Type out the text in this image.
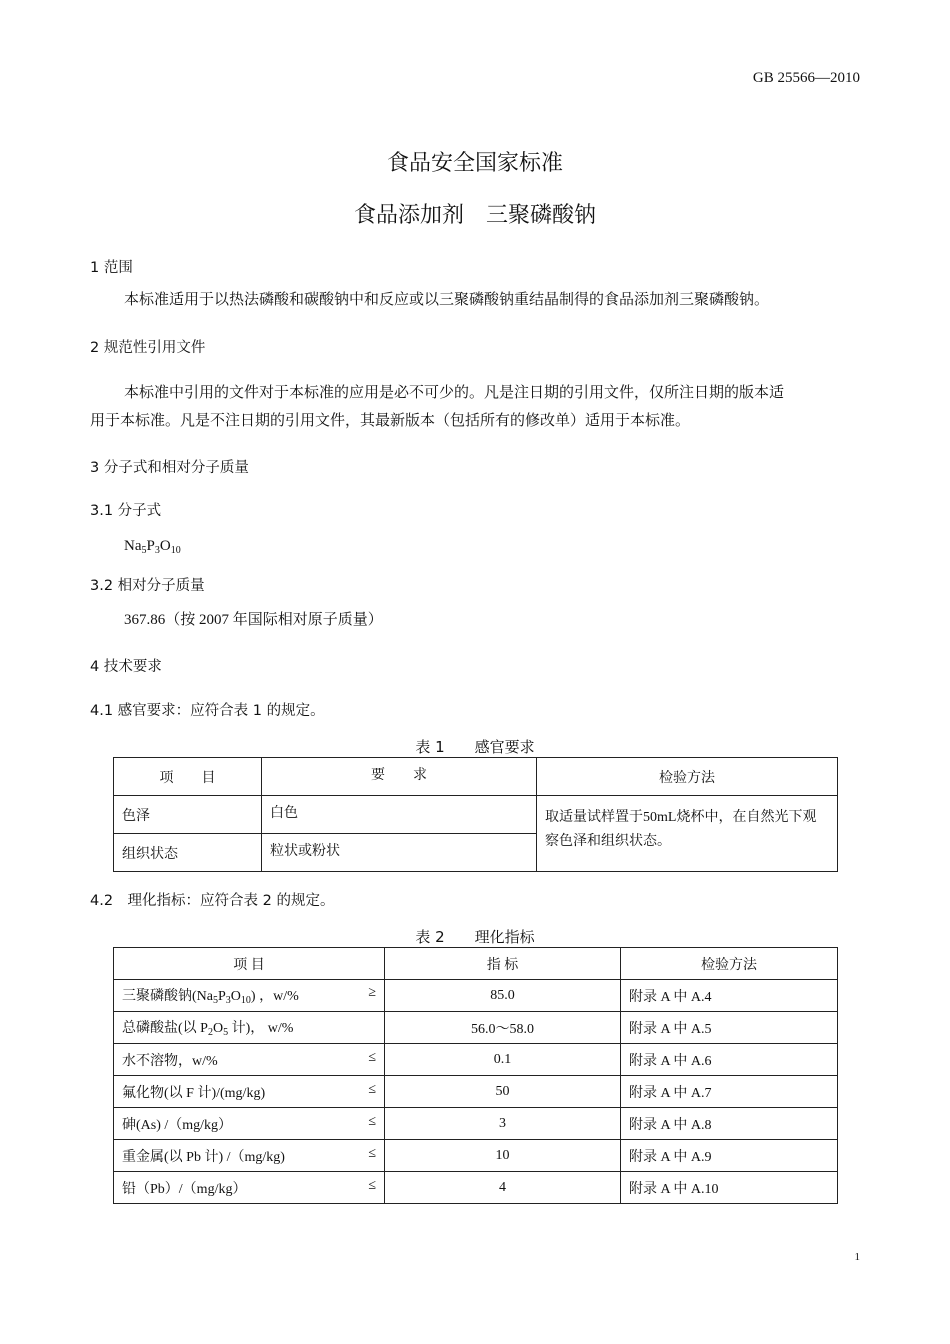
GB 25566—2010
食品安全国家标准
食品添加剂　三聚磷酸钠
1 范围
本标准适用于以热法磷酸和碳酸钠中和反应或以三聚磷酸钠重结晶制得的食品添加剂三聚磷酸钠。
2 规范性引用文件
本标准中引用的文件对于本标准的应用是必不可少的。凡是注日期的引用文件，仅所注日期的版本适
用于本标准。凡是不注日期的引用文件，其最新版本（包括所有的修改单）适用于本标准。
3 分子式和相对分子质量
3.1 分子式
$Na_5P_3O_{10}$
3.2 相对分子质量
367.86（按 2007 年国际相对原子质量）
4 技术要求
4.1 感官要求：应符合表 1 的规定。
表 1　　感官要求
项　　目	要　　求	检验方法
色泽	白色	取适量试样置于50mL烧杯中，在自然光下观察色泽和组织状态。
组织状态	粒状或粉状	
4.2　理化指标：应符合表 2 的规定。
表 2　　理化指标
项 目	指 标	检验方法
三聚磷酸钠$(Na_5P_3O_{10})$ ，w/% ≥	85.0	附录 A 中 A.4
总磷酸盐(以 $P_2O_5$ 计)， w/%	56.0～58.0	附录 A 中 A.5
水不溶物，w/% ≤	0.1	附录 A 中 A.6
氟化物(以 F 计)/(mg/kg) ≤	50	附录 A 中 A.7
砷(As) /（mg/kg） ≤	3	附录 A 中 A.8
重金属(以 Pb 计) /（mg/kg) ≤	10	附录 A 中 A.9
铅（Pb）/（mg/kg） ≤	4	附录 A 中 A.10
1
